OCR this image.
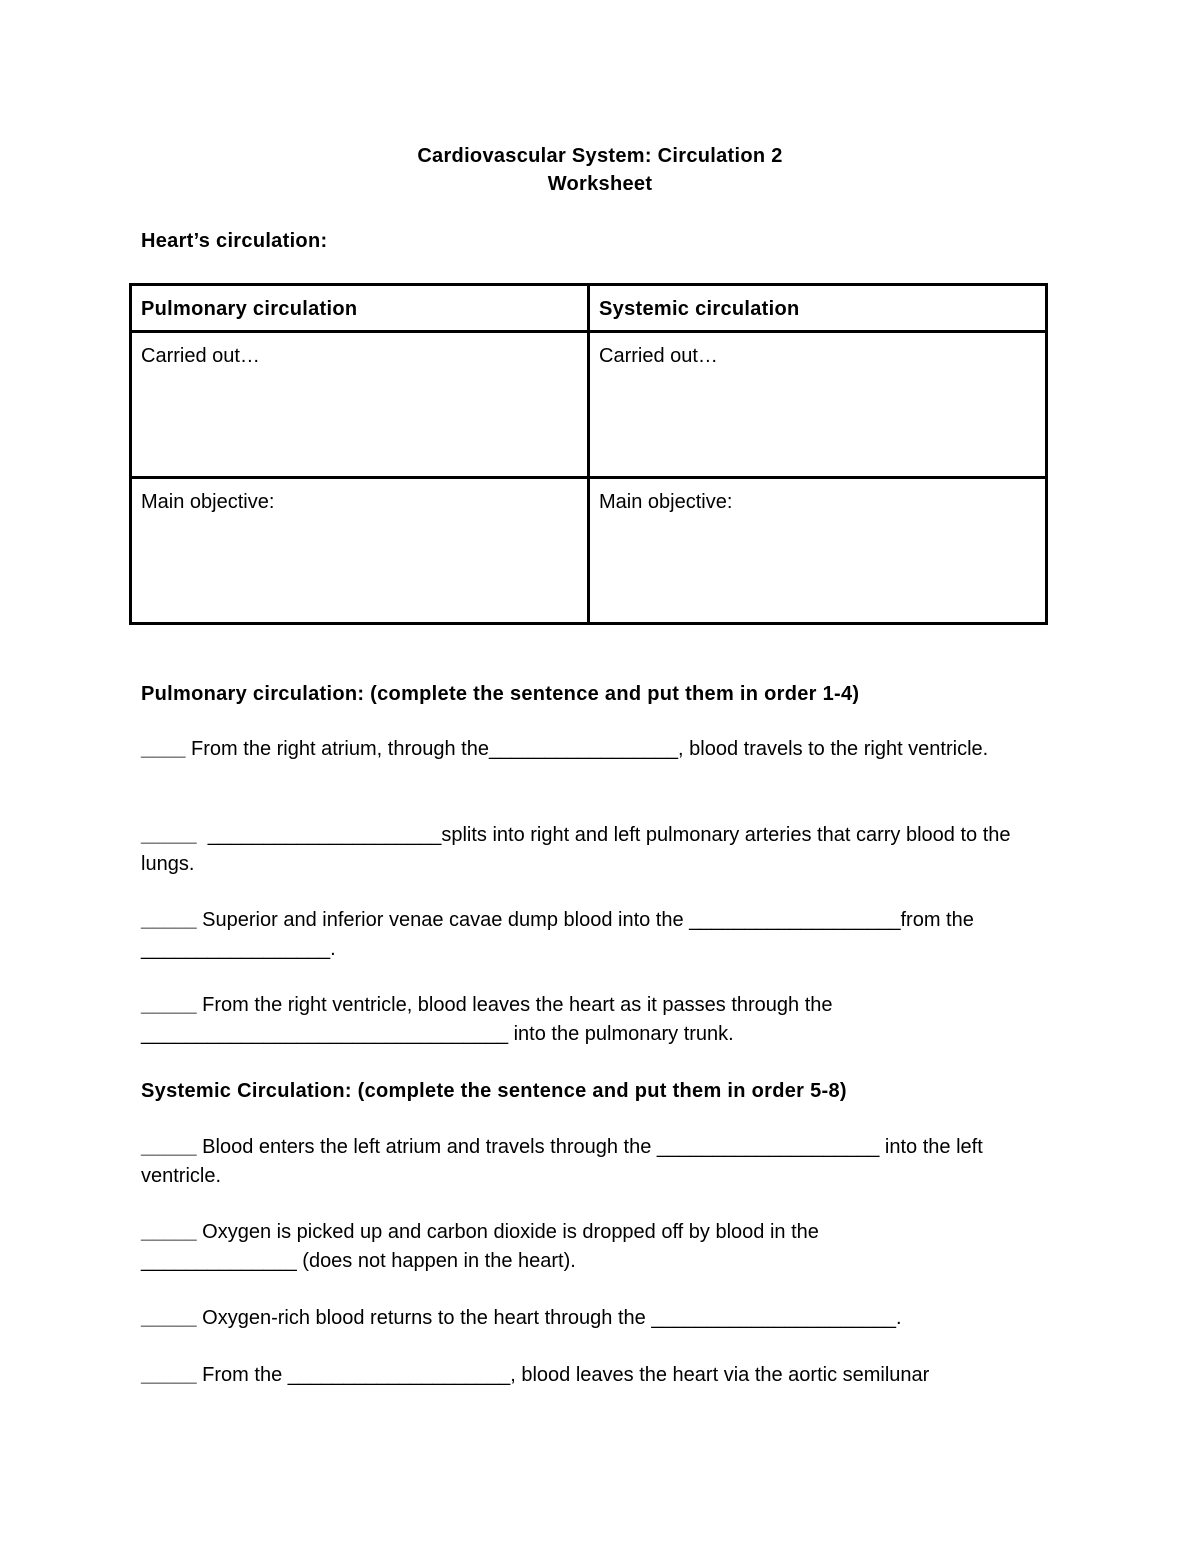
Cardiovascular System: Circulation 2
Worksheet
Heart’s circulation:
Pulmonary circulation	Systemic circulation
Carried out…	Carried out…
Main objective:	Main objective:
Pulmonary circulation: (complete the sentence and put them in order 1-4)
____ From the right atrium, through the_________________, blood travels to the right ventricle.
_____  _____________________splits into right and left pulmonary arteries that carry blood to the lungs.
_____ Superior and inferior venae cavae dump blood into the ___________________from the _________________.
_____ From the right ventricle, blood leaves the heart as it passes through the _________________________________ into the pulmonary trunk.
Systemic Circulation: (complete the sentence and put them in order 5-8)
_____ Blood enters the left atrium and travels through the ____________________ into the left ventricle.
_____ Oxygen is picked up and carbon dioxide is dropped off by blood in the ______________ (does not happen in the heart).
_____ Oxygen-rich blood returns to the heart through the ______________________.
_____ From the ____________________, blood leaves the heart via the aortic semilunar
